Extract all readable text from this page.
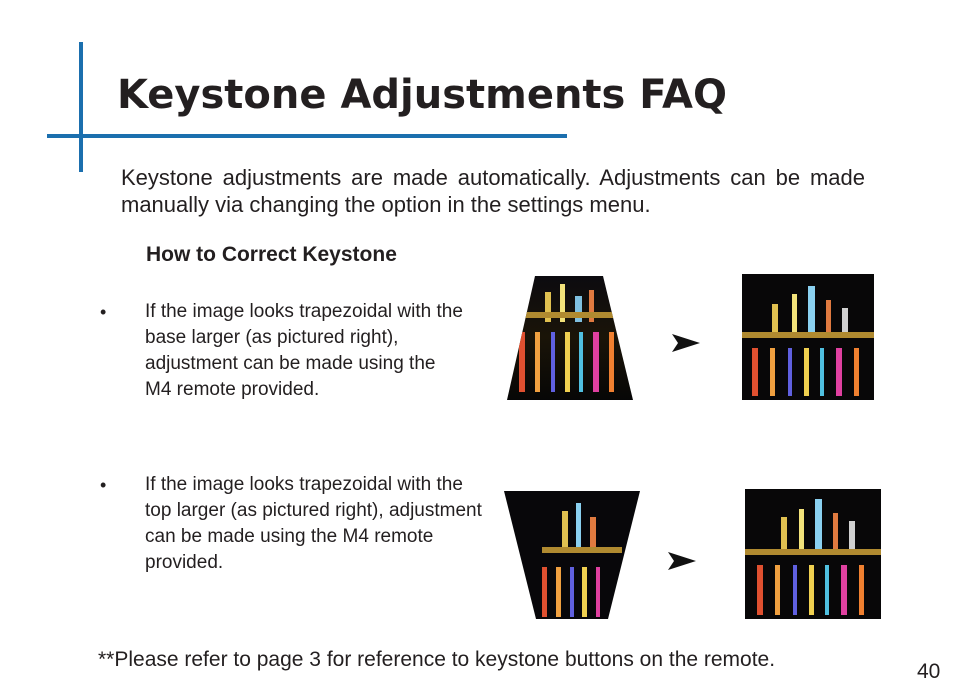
Keystone Adjustments FAQ

Keystone adjustments are made automatically. Adjustments can be made manually via changing the option in the settings menu.

How to Correct Keystone
• If the image looks trapezoidal with the base larger (as pictured right), adjustment can be made using the M4 remote provided.

• If the image looks trapezoidal with the top larger (as pictured right), adjustment can be made using the M4 remote provided.

**Please refer to page 3 for reference to keystone buttons on the remote.

40
